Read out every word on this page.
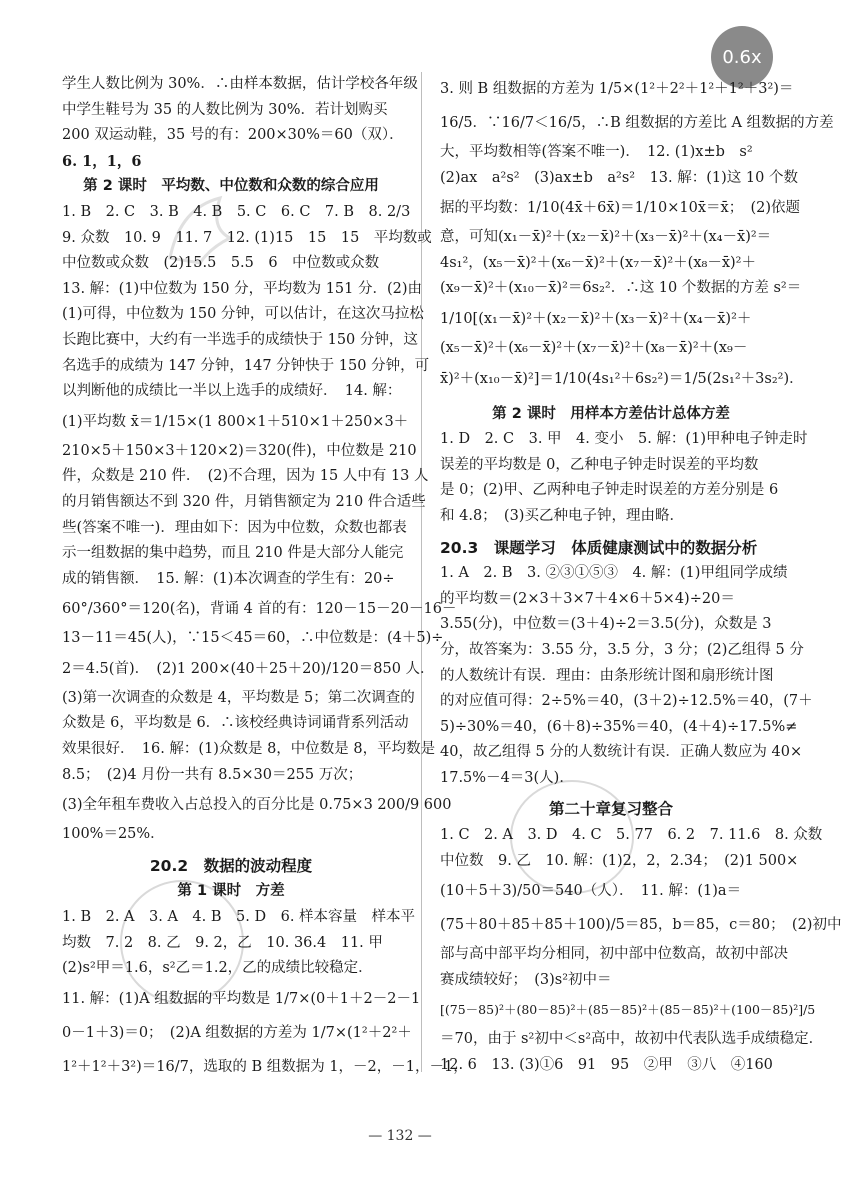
0.6x
学生人数比例为 30%．∴由样本数据，估计学校各年级
中学生鞋号为 35 的人数比例为 30%．若计划购买
200 双运动鞋，35 号的有：200×30%＝60（双）．
6. 1，1，6
第 2 课时　平均数、中位数和众数的综合应用
1. B　2. C　3. B　4. B　5. C　6. C　7. B　8. 2/3
9. 众数　10. 9　11. 7　12. (1)15　15　15　平均数或
中位数或众数　(2)15.5　5.5　6　中位数或众数
13. 解：(1)中位数为 150 分，平均数为 151 分．(2)由
(1)可得，中位数为 150 分钟，可以估计，在这次马拉松
长跑比赛中，大约有一半选手的成绩快于 150 分钟，这
名选手的成绩为 147 分钟，147 分钟快于 150 分钟，可
以判断他的成绩比一半以上选手的成绩好．　14. 解：
(1)平均数 x̄＝1/15×(1 800×1＋510×1＋250×3＋
210×5＋150×3＋120×2)＝320(件)，中位数是 210
件，众数是 210 件．　(2)不合理，因为 15 人中有 13 人
的月销售额达不到 320 件，月销售额定为 210 件合适些
些(答案不唯一)．理由如下：因为中位数，众数也都表
示一组数据的集中趋势，而且 210 件是大部分人能完
成的销售额．　15. 解：(1)本次调查的学生有：20÷
60°/360°＝120(名)，背诵 4 首的有：120－15－20－16－
13－11＝45(人)，∵15＜45＝60，∴中位数是：(4＋5)÷
2＝4.5(首)．　(2)1 200×(40＋25＋20)/120＝850 人．
(3)第一次调查的众数是 4，平均数是 5；第二次调查的
众数是 6，平均数是 6．∴该校经典诗词诵背系列活动
效果很好．　16. 解：(1)众数是 8，中位数是 8，平均数是
8.5；　(2)4 月份一共有 8.5×30＝255 万次；
(3)全年租车费收入占总投入的百分比是 0.75×3 200/9 600
100%＝25%．
20.2　数据的波动程度
第 1 课时　方差
1. B　2. A　3. A　4. B　5. D　6. 样本容量　样本平
均数　7. 2　8. 乙　9. 2，乙　10. 36.4　11. 甲
(2)s²甲＝1.6，s²乙＝1.2，乙的成绩比较稳定．
11. 解：(1)A 组数据的平均数是 1/7×(0＋1＋2－2－1
0－1＋3)＝0；　(2)A 组数据的方差为 1/7×(1²＋2²＋
1²＋1²＋3²)＝16/7，选取的 B 组数据为 1，－2，－1，－1，
3. 则 B 组数据的方差为 1/5×(1²＋2²＋1²＋1²＋3²)＝
16/5．∵16/7＜16/5，∴B 组数据的方差比 A 组数据的方差
大，平均数相等(答案不唯一)．　12. (1)x±b　s²
(2)ax　a²s²　(3)ax±b　a²s²　13. 解：(1)这 10 个数
据的平均数：1/10(4x̄＋6x̄)＝1/10×10x̄＝x̄；　(2)依题
意，可知(x₁－x̄)²＋(x₂－x̄)²＋(x₃－x̄)²＋(x₄－x̄)²＝
4s₁²，(x₅－x̄)²＋(x₆－x̄)²＋(x₇－x̄)²＋(x₈－x̄)²＋
(x₉－x̄)²＋(x₁₀－x̄)²＝6s₂²．∴这 10 个数据的方差 s²＝
1/10[(x₁－x̄)²＋(x₂－x̄)²＋(x₃－x̄)²＋(x₄－x̄)²＋
(x₅－x̄)²＋(x₆－x̄)²＋(x₇－x̄)²＋(x₈－x̄)²＋(x₉－
x̄)²＋(x₁₀－x̄)²]＝1/10(4s₁²＋6s₂²)＝1/5(2s₁²＋3s₂²)．
第 2 课时　用样本方差估计总体方差
1. D　2. C　3. 甲　4. 变小　5. 解：(1)甲种电子钟走时
误差的平均数是 0，乙种电子钟走时误差的平均数
是 0；(2)甲、乙两种电子钟走时误差的方差分别是 6
和 4.8；　(3)买乙种电子钟，理由略．
20.3　课题学习　体质健康测试中的数据分析
1. A　2. B　3. ②③①⑤③　4. 解：(1)甲组同学成绩
的平均数＝(2×3＋3×7＋4×6＋5×4)÷20＝
3.55(分)，中位数＝(3＋4)÷2＝3.5(分)，众数是 3
分，故答案为：3.55 分，3.5 分，3 分；(2)乙组得 5 分
的人数统计有误．理由：由条形统计图和扇形统计图
的对应值可得：2÷5%＝40，(3＋2)÷12.5%＝40，(7＋
5)÷30%＝40，(6＋8)÷35%＝40，(4＋4)÷17.5%≠
40，故乙组得 5 分的人数统计有误．正确人数应为 40×
17.5%－4＝3(人)．
第二十章复习整合
1. C　2. A　3. D　4. C　5. 77　6. 2　7. 11.6　8. 众数
中位数　9. 乙　10. 解：(1)2，2，2.34；　(2)1 500×
(10＋5＋3)/50＝540（人）．　11. 解：(1)a＝
(75＋80＋85＋85＋100)/5＝85，b＝85，c＝80；　(2)初中
部与高中部平均分相同，初中部中位数高，故初中部决
赛成绩较好；　(3)s²初中＝
[(75－85)²＋(80－85)²＋(85－85)²＋(85－85)²＋(100－85)²]/5
＝70，由于 s²初中＜s²高中，故初中代表队选手成绩稳定．
12. 6　13. (3)①6　91　95　②甲　③八　④160
— 132 —
